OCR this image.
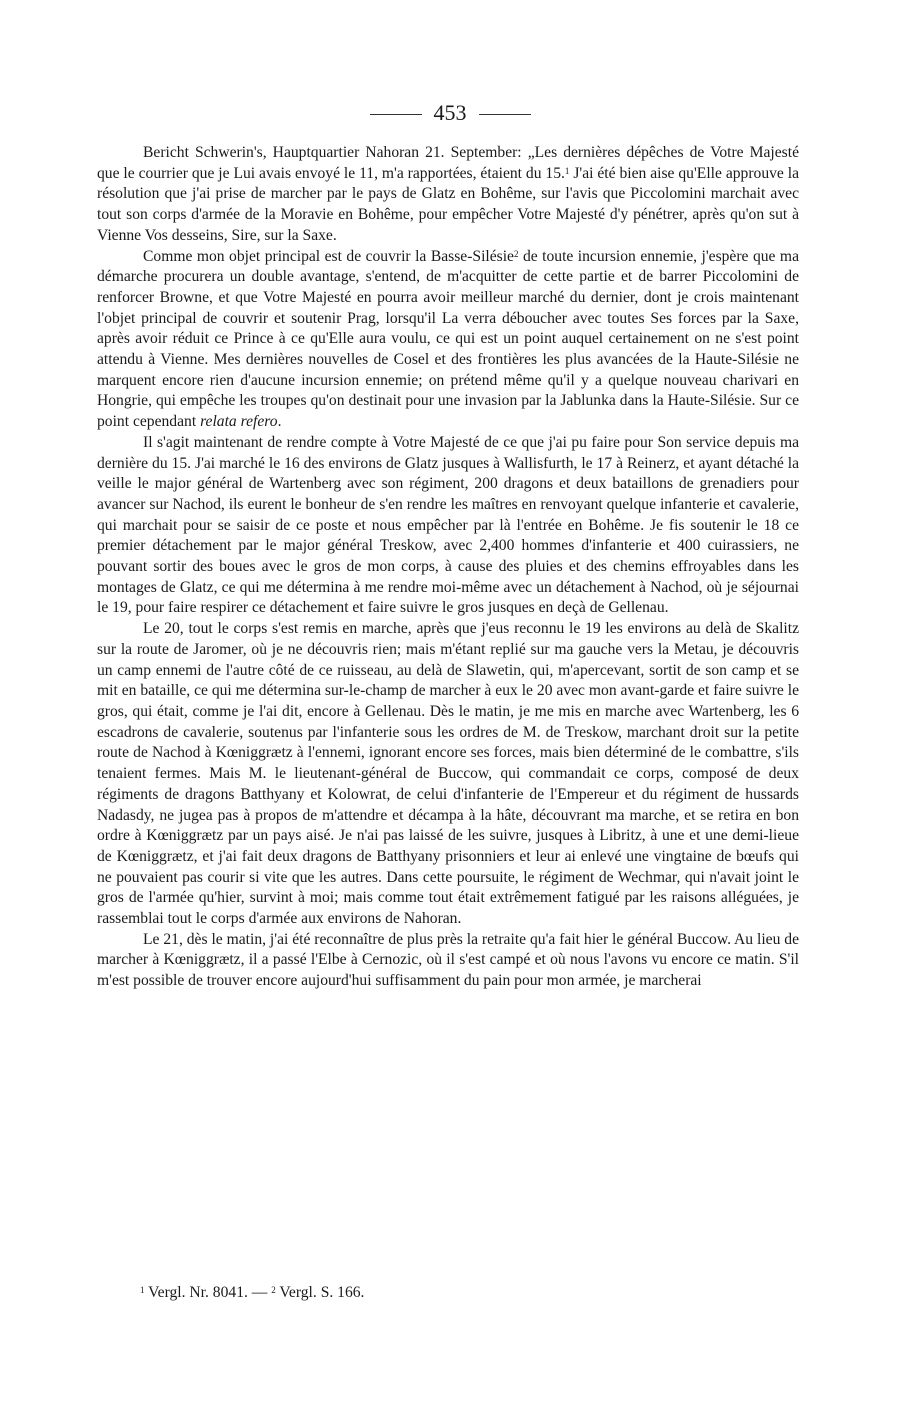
453

Bericht Schwerin's, Hauptquartier Nahoran 21. September: „Les dernières dépêches de Votre Majesté que le courrier que je Lui avais envoyé le 11, m'a rapportées, étaient du 15.$^1$ J'ai été bien aise qu'Elle approuve la résolution que j'ai prise de marcher par le pays de Glatz en Bohême, sur l'avis que Piccolomini marchait avec tout son corps d'armée de la Moravie en Bohême, pour empêcher Votre Majesté d'y pénétrer, après qu'on sut à Vienne Vos desseins, Sire, sur la Saxe.

Comme mon objet principal est de couvrir la Basse-Silésie$^2$ de toute incursion ennemie, j'espère que ma démarche procurera un double avantage, s'entend, de m'acquitter de cette partie et de barrer Piccolomini de renforcer Browne, et que Votre Majesté en pourra avoir meilleur marché du dernier, dont je crois maintenant l'objet principal de couvrir et soutenir Prag, lorsqu'il La verra déboucher avec toutes Ses forces par la Saxe, après avoir réduit ce Prince à ce qu'Elle aura voulu, ce qui est un point auquel certainement on ne s'est point attendu à Vienne. Mes dernières nouvelles de Cosel et des frontières les plus avancées de la Haute-Silésie ne marquent encore rien d'aucune incursion ennemie; on prétend même qu'il y a quelque nouveau charivari en Hongrie, qui empêche les troupes qu'on destinait pour une invasion par la Jablunka dans la Haute-Silésie. Sur ce point cependant relata refero.

Il s'agit maintenant de rendre compte à Votre Majesté de ce que j'ai pu faire pour Son service depuis ma dernière du 15. J'ai marché le 16 des environs de Glatz jusques à Wallisfurth, le 17 à Reinerz, et ayant détaché la veille le major général de Wartenberg avec son régiment, 200 dragons et deux bataillons de grenadiers pour avancer sur Nachod, ils eurent le bonheur de s'en rendre les maîtres en renvoyant quelque infanterie et cavalerie, qui marchait pour se saisir de ce poste et nous empêcher par là l'entrée en Bohême. Je fis soutenir le 18 ce premier détachement par le major général Treskow, avec 2,400 hommes d'infanterie et 400 cuirassiers, ne pouvant sortir des boues avec le gros de mon corps, à cause des pluies et des chemins effroyables dans les montages de Glatz, ce qui me détermina à me rendre moi-même avec un détachement à Nachod, où je séjournai le 19, pour faire respirer ce détachement et faire suivre le gros jusques en deçà de Gellenau.

Le 20, tout le corps s'est remis en marche, après que j'eus reconnu le 19 les environs au delà de Skalitz sur la route de Jaromer, où je ne découvris rien; mais m'étant replié sur ma gauche vers la Metau, je découvris un camp ennemi de l'autre côté de ce ruisseau, au delà de Slawetin, qui, m'apercevant, sortit de son camp et se mit en bataille, ce qui me détermina sur-le-champ de marcher à eux le 20 avec mon avant-garde et faire suivre le gros, qui était, comme je l'ai dit, encore à Gellenau. Dès le matin, je me mis en marche avec Wartenberg, les 6 escadrons de cavalerie, soutenus par l'infanterie sous les ordres de M. de Treskow, marchant droit sur la petite route de Nachod à Kœniggrætz à l'ennemi, ignorant encore ses forces, mais bien déterminé de le combattre, s'ils tenaient fermes. Mais M. le lieutenant-général de Buccow, qui commandait ce corps, composé de deux régiments de dragons Batthyany et Kolowrat, de celui d'infanterie de l'Empereur et du régiment de hussards Nadasdy, ne jugea pas à propos de m'attendre et décampa à la hâte, découvrant ma marche, et se retira en bon ordre à Kœniggrætz par un pays aisé. Je n'ai pas laissé de les suivre, jusques à Libritz, à une et une demi-lieue de Kœniggrætz, et j'ai fait deux dragons de Batthyany prisonniers et leur ai enlevé une vingtaine de bœufs qui ne pouvaient pas courir si vite que les autres. Dans cette poursuite, le régiment de Wechmar, qui n'avait joint le gros de l'armée qu'hier, survint à moi; mais comme tout était extrêmement fatigué par les raisons alléguées, je rassemblai tout le corps d'armée aux environs de Nahoran.

Le 21, dès le matin, j'ai été reconnaître de plus près la retraite qu'a fait hier le général Buccow. Au lieu de marcher à Kœniggrætz, il a passé l'Elbe à Cernozic, où il s'est campé et où nous l'avons vu encore ce matin. S'il m'est possible de trouver encore aujourd'hui suffisamment du pain pour mon armée, je marcherai

$^1$ Vergl. Nr. 8041. — $^2$ Vergl. S. 166.
